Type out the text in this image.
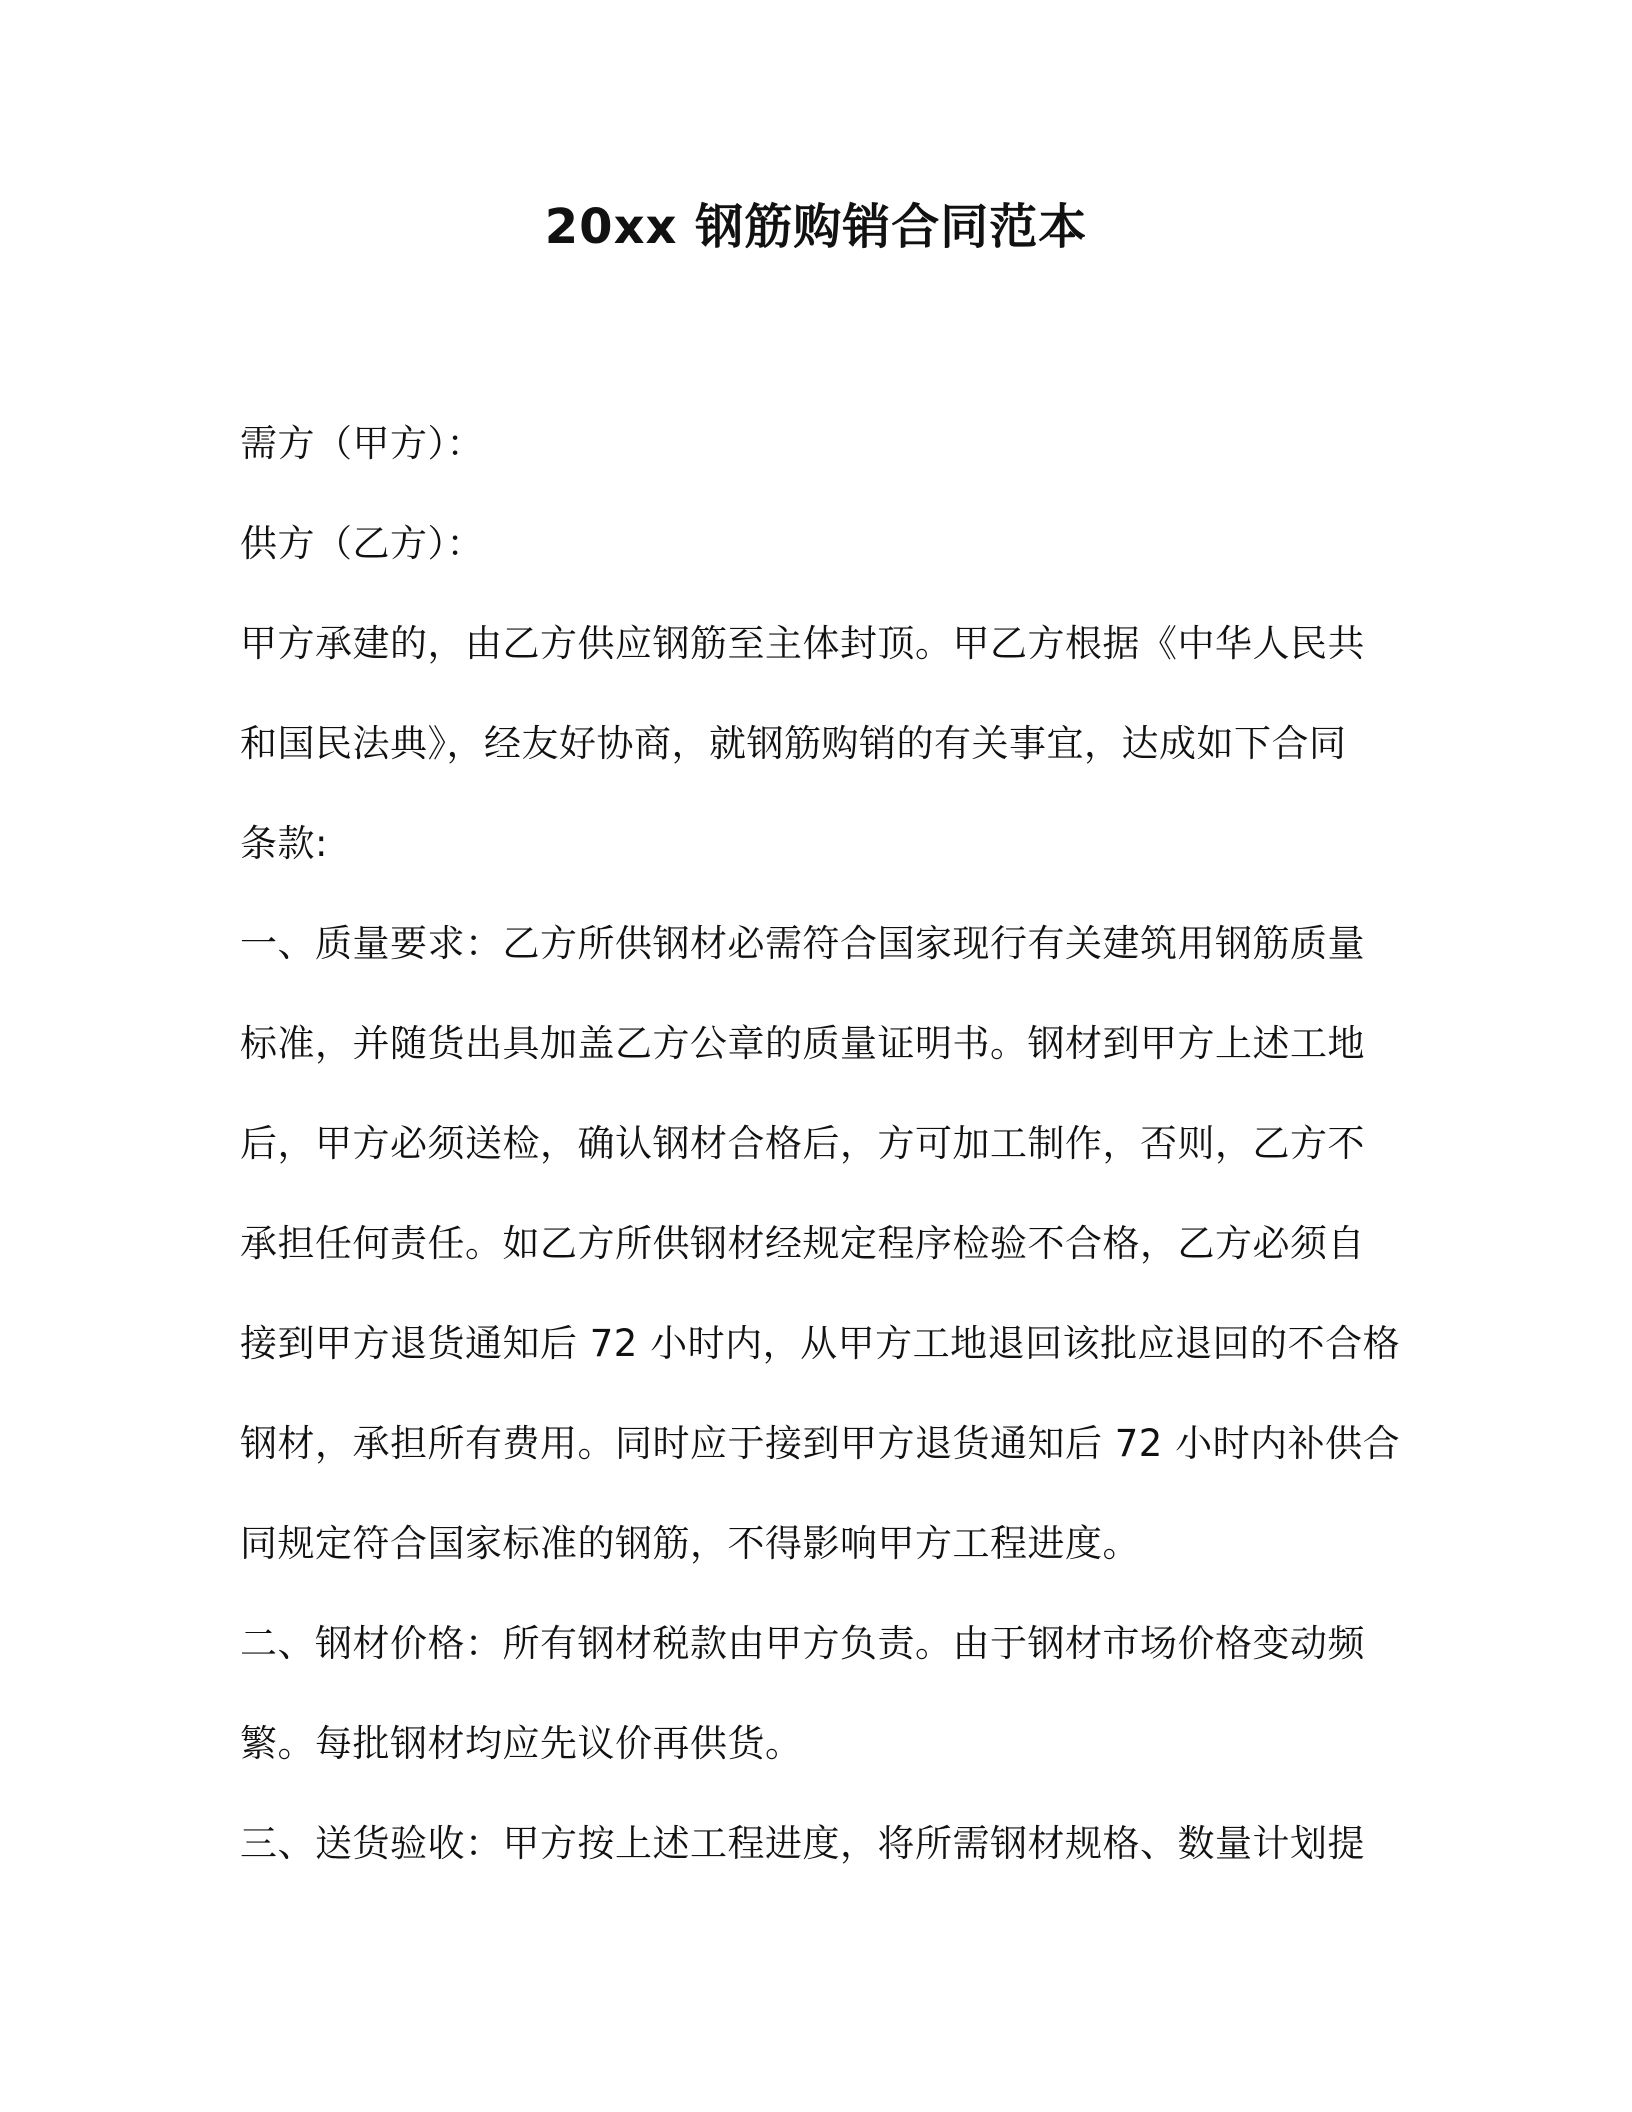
20xx 钢筋购销合同范本
需方（甲方）：
供方（乙方）：
甲方承建的，由乙方供应钢筋至主体封顶。甲乙方根据《中华人民共
和国民法典》，经友好协商，就钢筋购销的有关事宜，达成如下合同
条款:
一、质量要求：乙方所供钢材必需符合国家现行有关建筑用钢筋质量
标准，并随货出具加盖乙方公章的质量证明书。钢材到甲方上述工地
后，甲方必须送检，确认钢材合格后，方可加工制作，否则，乙方不
承担任何责任。如乙方所供钢材经规定程序检验不合格，乙方必须自
接到甲方退货通知后 72 小时内，从甲方工地退回该批应退回的不合格
钢材，承担所有费用。同时应于接到甲方退货通知后 72 小时内补供合
同规定符合国家标准的钢筋，不得影响甲方工程进度。
二、钢材价格：所有钢材税款由甲方负责。由于钢材市场价格变动频
繁。每批钢材均应先议价再供货。
三、送货验收：甲方按上述工程进度，将所需钢材规格、数量计划提
